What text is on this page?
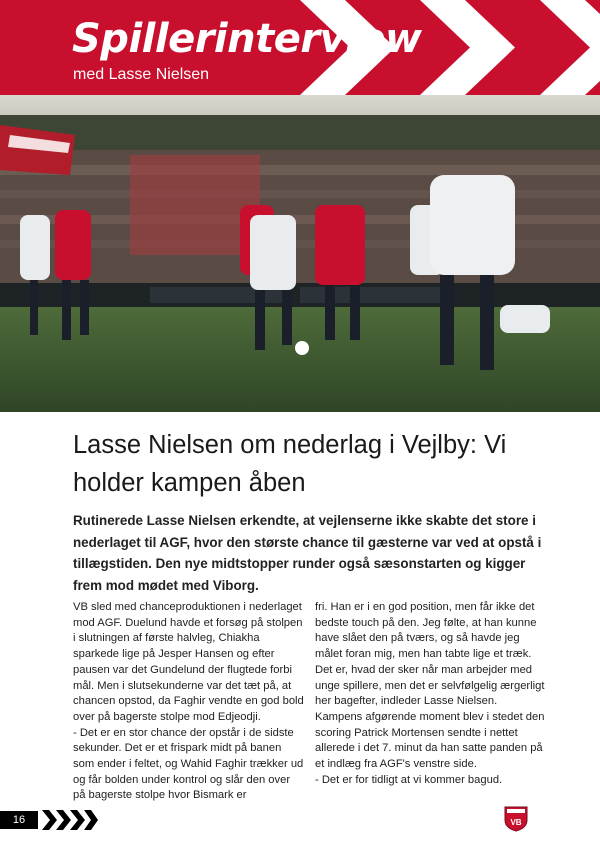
Spillerinterview
med Lasse Nielsen
Lasse Nielsen om nederlag i Vejlby: Vi holder kampen åben

Rutinerede Lasse Nielsen erkendte, at vejlenserne ikke skabte det store i nederlaget til AGF, hvor den største chance til gæsterne var ved at opstå i tillægstiden. Den nye midtstopper runder også sæsonstarten og kigger frem mod mødet med Viborg.

VB sled med chanceproduktionen i nederlaget mod AGF. Duelund havde et forsøg på stolpen i slutningen af første halvleg, Chiakha sparkede lige på Jesper Hansen og efter pausen var det Gundelund der flugtede forbi mål. Men i slutsekunderne var det tæt på, at chancen opstod, da Faghir vendte en god bold over på bagerste stolpe mod Edjeodji.

- Det er en stor chance der opstår i de sidste sekunder. Det er et frispark midt på banen som ender i feltet, og Wahid Faghir trækker ud og får bolden under kontrol og slår den over på bagerste stolpe hvor Bismark er

fri. Han er i en god position, men får ikke det bedste touch på den. Jeg følte, at han kunne have slået den på tværs, og så havde jeg målet foran mig, men han tabte lige et træk. Det er, hvad der sker når man arbejder med unge spillere, men det er selvfølgelig ærgerligt her bagefter, indleder Lasse Nielsen.

Kampens afgørende moment blev i stedet den scoring Patrick Mortensen sendte i nettet allerede i det 7. minut da han satte panden på et indlæg fra AGF's venstre side.

- Det er for tidligt at vi kommer bagud.

16	VB
